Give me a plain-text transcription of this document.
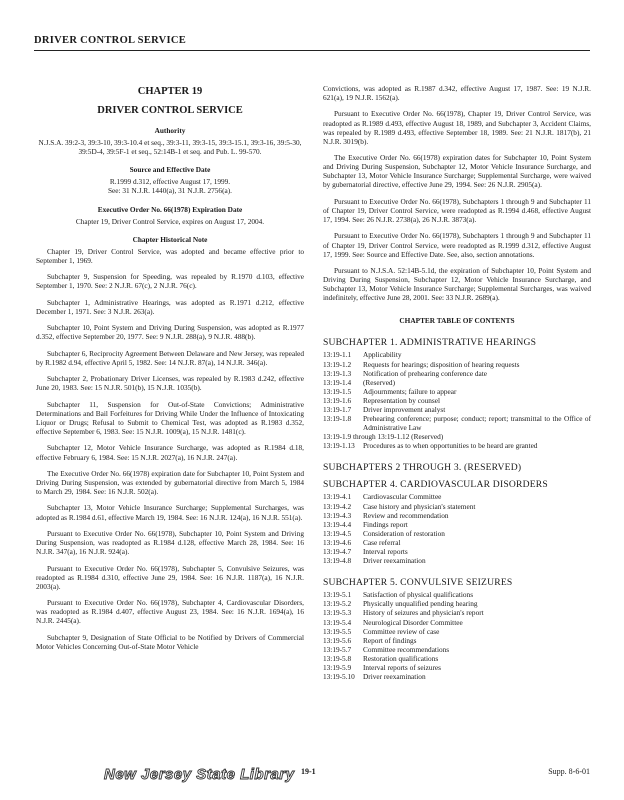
DRIVER CONTROL SERVICE
CHAPTER 19
DRIVER CONTROL SERVICE
Authority
N.J.S.A. 39:2-3, 39:3-10, 39:3-10.4 et seq., 39:3-11, 39:3-15, 39:3-15.1, 39:3-16, 39:5-30, 39:5D-4, 39:5F-1 et seq., 52:14B-1 et seq. and Pub. L. 99-570.
Source and Effective Date
R.1999 d.312, effective August 17, 1999.
See: 31 N.J.R. 1440(a), 31 N.J.R. 2756(a).
Executive Order No. 66(1978) Expiration Date
Chapter 19, Driver Control Service, expires on August 17, 2004.
Chapter Historical Note

Chapter 19, Driver Control Service, was adopted and became effective prior to September 1, 1969.

Subchapter 9, Suspension for Speeding, was repealed by R.1970 d.103, effective September 1, 1970. See: 2 N.J.R. 67(c), 2 N.J.R. 76(c).

Subchapter 1, Administrative Hearings, was adopted as R.1971 d.212, effective December 1, 1971. See: 3 N.J.R. 263(a).

Subchapter 10, Point System and Driving During Suspension, was adopted as R.1977 d.352, effective September 20, 1977. See: 9 N.J.R. 288(a), 9 N.J.R. 488(b).

Subchapter 6, Reciprocity Agreement Between Delaware and New Jersey, was repealed by R.1982 d.94, effective April 5, 1982. See: 14 N.J.R. 87(a), 14 N.J.R. 346(a).

Subchapter 2, Probationary Driver Licenses, was repealed by R.1983 d.242, effective June 20, 1983. See: 15 N.J.R. 501(b), 15 N.J.R. 1035(b).

Subchapter 11, Suspension for Out-of-State Convictions; Administrative Determinations and Bail Forfeitures for Driving While Under the Influence of Intoxicating Liquor or Drugs; Refusal to Submit to Chemical Test, was adopted as R.1983 d.352, effective September 6, 1983. See: 15 N.J.R. 1009(a), 15 N.J.R. 1481(c).

Subchapter 12, Motor Vehicle Insurance Surcharge, was adopted as R.1984 d.18, effective February 6, 1984. See: 15 N.J.R. 2027(a), 16 N.J.R. 247(a).

The Executive Order No. 66(1978) expiration date for Subchapter 10, Point System and Driving During Suspension, was extended by gubernatorial directive from March 5, 1984 to March 29, 1984. See: 16 N.J.R. 502(a).

Subchapter 13, Motor Vehicle Insurance Surcharge; Supplemental Surcharges, was adopted as R.1984 d.61, effective March 19, 1984. See: 16 N.J.R. 124(a), 16 N.J.R. 551(a).

Pursuant to Executive Order No. 66(1978), Subchapter 10, Point System and Driving During Suspension, was readopted as R.1984 d.128, effective March 28, 1984. See: 16 N.J.R. 347(a), 16 N.J.R. 924(a).

Pursuant to Executive Order No. 66(1978), Subchapter 5, Convulsive Seizures, was readopted as R.1984 d.310, effective June 29, 1984. See: 16 N.J.R. 1187(a), 16 N.J.R. 2003(a).

Pursuant to Executive Order No. 66(1978), Subchapter 4, Cardiovascular Disorders, was readopted as R.1984 d.407, effective August 23, 1984. See: 16 N.J.R. 1694(a), 16 N.J.R. 2445(a).

Subchapter 9, Designation of State Official to be Notified by Drivers of Commercial Motor Vehicles Concerning Out-of-State Motor Vehicle

Convictions, was adopted as R.1987 d.342, effective August 17, 1987. See: 19 N.J.R. 621(a), 19 N.J.R. 1562(a).

Pursuant to Executive Order No. 66(1978), Chapter 19, Driver Control Service, was readopted as R.1989 d.493, effective August 18, 1989, and Subchapter 3, Accident Claims, was repealed by R.1989 d.493, effective September 18, 1989. See: 21 N.J.R. 1817(b), 21 N.J.R. 3019(b).

The Executive Order No. 66(1978) expiration dates for Subchapter 10, Point System and Driving During Suspension, Subchapter 12, Motor Vehicle Insurance Surcharge, and Subchapter 13, Motor Vehicle Insurance Surcharge; Supplemental Surcharge, were waived by gubernatorial directive, effective June 29, 1994. See: 26 N.J.R. 2905(a).

Pursuant to Executive Order No. 66(1978), Subchapters 1 through 9 and Subchapter 11 of Chapter 19, Driver Control Service, were readopted as R.1994 d.468, effective August 17, 1994. See: 26 N.J.R. 2738(a), 26 N.J.R. 3873(a).

Pursuant to Executive Order No. 66(1978), Subchapters 1 through 9 and Subchapter 11 of Chapter 19, Driver Control Service, were readopted as R.1999 d.312, effective August 17, 1999. See: Source and Effective Date. See, also, section annotations.

Pursuant to N.J.S.A. 52:14B-5.1d, the expiration of Subchapter 10, Point System and Driving During Suspension, Subchapter 12, Motor Vehicle Insurance Surcharge, and Subchapter 13, Motor Vehicle Insurance Surcharge; Supplemental Surcharges, was waived indefinitely, effective June 28, 2001. See: 33 N.J.R. 2689(a).

CHAPTER TABLE OF CONTENTS
SUBCHAPTER 1. ADMINISTRATIVE HEARINGS
13:19-1.1	Applicability
13:19-1.2	Requests for hearings; disposition of hearing requests
13:19-1.3	Notification of prehearing conference date
13:19-1.4	(Reserved)
13:19-1.5	Adjournments; failure to appear
13:19-1.6	Representation by counsel
13:19-1.7	Driver improvement analyst
13:19-1.8	Prehearing conference; purpose; conduct; report; transmittal to the Office of Administrative Law
13:19-1.9 through 13:19-1.12 (Reserved)
13:19-1.13	Procedures as to when opportunities to be heard are granted
SUBCHAPTERS 2 THROUGH 3. (RESERVED)
SUBCHAPTER 4. CARDIOVASCULAR DISORDERS
13:19-4.1	Cardiovascular Committee
13:19-4.2	Case history and physician's statement
13:19-4.3	Review and recommendation
13:19-4.4	Findings report
13:19-4.5	Consideration of restoration
13:19-4.6	Case referral
13:19-4.7	Interval reports
13:19-4.8	Driver reexamination
SUBCHAPTER 5. CONVULSIVE SEIZURES
13:19-5.1	Satisfaction of physical qualifications
13:19-5.2	Physically unqualified pending hearing
13:19-5.3	History of seizures and physician's report
13:19-5.4	Neurological Disorder Committee
13:19-5.5	Committee review of case
13:19-5.6	Report of findings
13:19-5.7	Committee recommendations
13:19-5.8	Restoration qualifications
13:19-5.9	Interval reports of seizures
13:19-5.10	Driver reexamination
New Jersey State Library 19-1	Supp. 8-6-01
